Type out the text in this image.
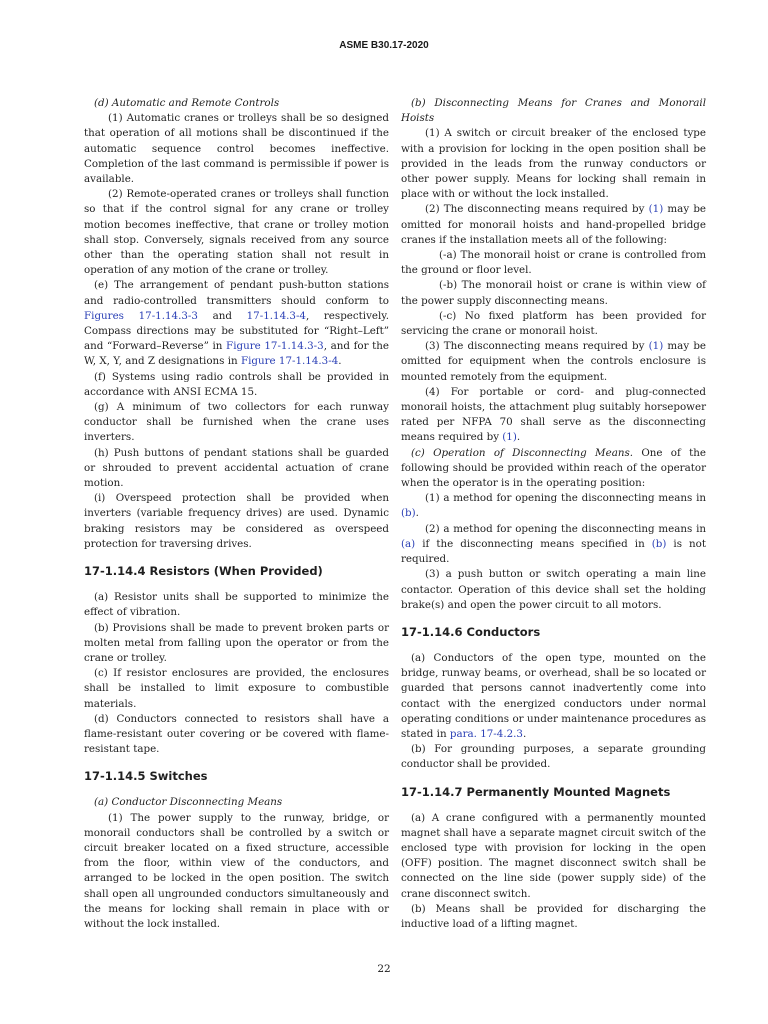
ASME B30.17-2020

(d) Automatic and Remote Controls

(1) Automatic cranes or trolleys shall be so designed that operation of all motions shall be discontinued if the automatic sequence control becomes ineffective. Completion of the last command is permissible if power is available.

(2) Remote-operated cranes or trolleys shall function so that if the control signal for any crane or trolley motion becomes ineffective, that crane or trolley motion shall stop. Conversely, signals received from any source other than the operating station shall not result in operation of any motion of the crane or trolley.

(e) The arrangement of pendant push-button stations and radio-controlled transmitters should conform to Figures 17-1.14.3-3 and 17-1.14.3-4, respectively. Compass directions may be substituted for “Right–Left” and “Forward–Reverse” in Figure 17-1.14.3-3, and for the W, X, Y, and Z designations in Figure 17-1.14.3-4.

(f) Systems using radio controls shall be provided in accordance with ANSI ECMA 15.

(g) A minimum of two collectors for each runway conductor shall be furnished when the crane uses inverters.

(h) Push buttons of pendant stations shall be guarded or shrouded to prevent accidental actuation of crane motion.

(i) Overspeed protection shall be provided when inverters (variable frequency drives) are used. Dynamic braking resistors may be considered as overspeed protection for traversing drives.

17-1.14.4 Resistors (When Provided)

(a) Resistor units shall be supported to minimize the effect of vibration.

(b) Provisions shall be made to prevent broken parts or molten metal from falling upon the operator or from the crane or trolley.

(c) If resistor enclosures are provided, the enclosures shall be installed to limit exposure to combustible materials.

(d) Conductors connected to resistors shall have a flame-resistant outer covering or be covered with flame-resistant tape.

17-1.14.5 Switches

(a) Conductor Disconnecting Means

(1) The power supply to the runway, bridge, or monorail conductors shall be controlled by a switch or circuit breaker located on a fixed structure, accessible from the floor, within view of the conductors, and arranged to be locked in the open position. The switch shall open all ungrounded conductors simultaneously and the means for locking shall remain in place with or without the lock installed.

(b) Disconnecting Means for Cranes and Monorail Hoists

(1) A switch or circuit breaker of the enclosed type with a provision for locking in the open position shall be provided in the leads from the runway conductors or other power supply. Means for locking shall remain in place with or without the lock installed.

(2) The disconnecting means required by (1) may be omitted for monorail hoists and hand-propelled bridge cranes if the installation meets all of the following:

(-a) The monorail hoist or crane is controlled from the ground or floor level.

(-b) The monorail hoist or crane is within view of the power supply disconnecting means.

(-c) No fixed platform has been provided for servicing the crane or monorail hoist.

(3) The disconnecting means required by (1) may be omitted for equipment when the controls enclosure is mounted remotely from the equipment.

(4) For portable or cord- and plug-connected monorail hoists, the attachment plug suitably horsepower rated per NFPA 70 shall serve as the disconnecting means required by (1).

(c) Operation of Disconnecting Means. One of the following should be provided within reach of the operator when the operator is in the operating position:

(1) a method for opening the disconnecting means in (b).

(2) a method for opening the disconnecting means in (a) if the disconnecting means specified in (b) is not required.

(3) a push button or switch operating a main line contactor. Operation of this device shall set the holding brake(s) and open the power circuit to all motors.

17-1.14.6 Conductors

(a) Conductors of the open type, mounted on the bridge, runway beams, or overhead, shall be so located or guarded that persons cannot inadvertently come into contact with the energized conductors under normal operating conditions or under maintenance procedures as stated in para. 17-4.2.3.

(b) For grounding purposes, a separate grounding conductor shall be provided.

17-1.14.7 Permanently Mounted Magnets

(a) A crane configured with a permanently mounted magnet shall have a separate magnet circuit switch of the enclosed type with provision for locking in the open (OFF) position. The magnet disconnect switch shall be connected on the line side (power supply side) of the crane disconnect switch.

(b) Means shall be provided for discharging the inductive load of a lifting magnet.

22
